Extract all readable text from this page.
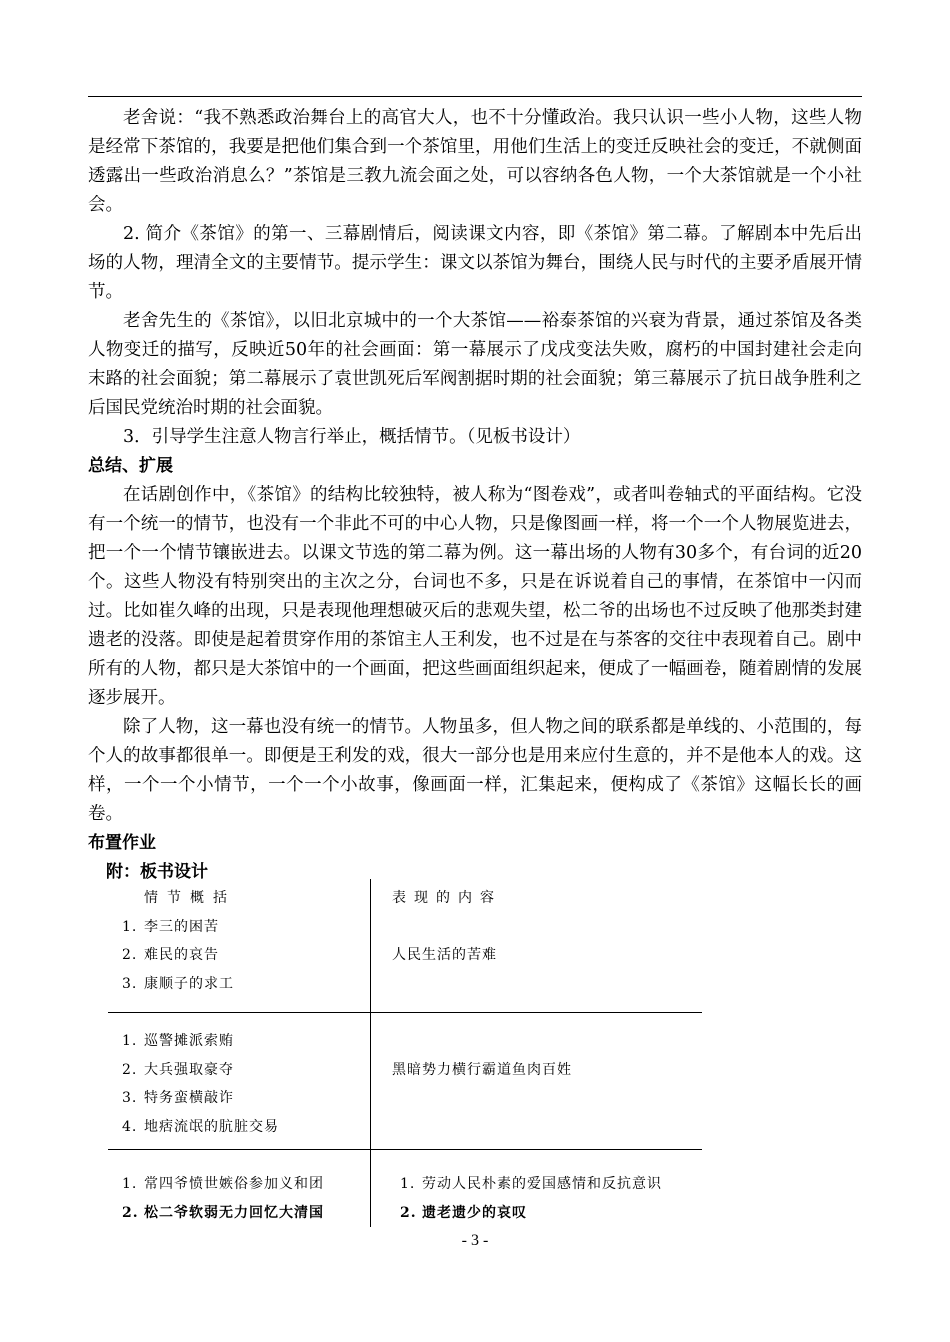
老舍说：“我不熟悉政治舞台上的高官大人，也不十分懂政治。我只认识一些小人物，这些人物是经常下茶馆的，我要是把他们集合到一个茶馆里，用他们生活上的变迁反映社会的变迁，不就侧面透露出一些政治消息么？”茶馆是三教九流会面之处，可以容纳各色人物，一个大茶馆就是一个小社会。

2. 简介《茶馆》的第一、三幕剧情后，阅读课文内容，即《茶馆》第二幕。了解剧本中先后出场的人物，理清全文的主要情节。提示学生：课文以茶馆为舞台，围绕人民与时代的主要矛盾展开情节。

老舍先生的《茶馆》，以旧北京城中的一个大茶馆——裕泰茶馆的兴衰为背景，通过茶馆及各类人物变迁的描写，反映近50年的社会画面：第一幕展示了戊戌变法失败，腐朽的中国封建社会走向末路的社会面貌；第二幕展示了袁世凯死后军阀割据时期的社会面貌；第三幕展示了抗日战争胜利之后国民党统治时期的社会面貌。

3．引导学生注意人物言行举止，概括情节。（见板书设计）

总结、扩展

在话剧创作中，《茶馆》的结构比较独特，被人称为“图卷戏”，或者叫卷轴式的平面结构。它没有一个统一的情节，也没有一个非此不可的中心人物，只是像图画一样，将一个一个人物展览进去，把一个一个情节镶嵌进去。以课文节选的第二幕为例。这一幕出场的人物有30多个，有台词的近20个。这些人物没有特别突出的主次之分，台词也不多，只是在诉说着自己的事情，在茶馆中一闪而过。比如崔久峰的出现，只是表现他理想破灭后的悲观失望，松二爷的出场也不过反映了他那类封建遗老的没落。即使是起着贯穿作用的茶馆主人王利发，也不过是在与茶客的交往中表现着自己。剧中所有的人物，都只是大茶馆中的一个画面，把这些画面组织起来，便成了一幅画卷，随着剧情的发展逐步展开。

除了人物，这一幕也没有统一的情节。人物虽多，但人物之间的联系都是单线的、小范围的，每个人的故事都很单一。即便是王利发的戏，很大一部分也是用来应付生意的，并不是他本人的戏。这样，一个一个小情节，一个一个小故事，像画面一样，汇集起来，便构成了《茶馆》这幅长长的画卷。

布置作业

附：板书设计

情节概括	表现的内容
1. 李三的困苦
2. 难民的哀告
3. 康顺子的求工
人民生活的苦难
1. 巡警摊派索贿
2. 大兵强取豪夺
3. 特务蛮横敲诈
4. 地痞流氓的肮脏交易
黑暗势力横行霸道鱼肉百姓
1. 常四爷愤世嫉俗参加义和团
2. 松二爷软弱无力回忆大清国
1. 劳动人民朴素的爱国感情和反抗意识
2. 遗老遗少的哀叹
- 3 -
